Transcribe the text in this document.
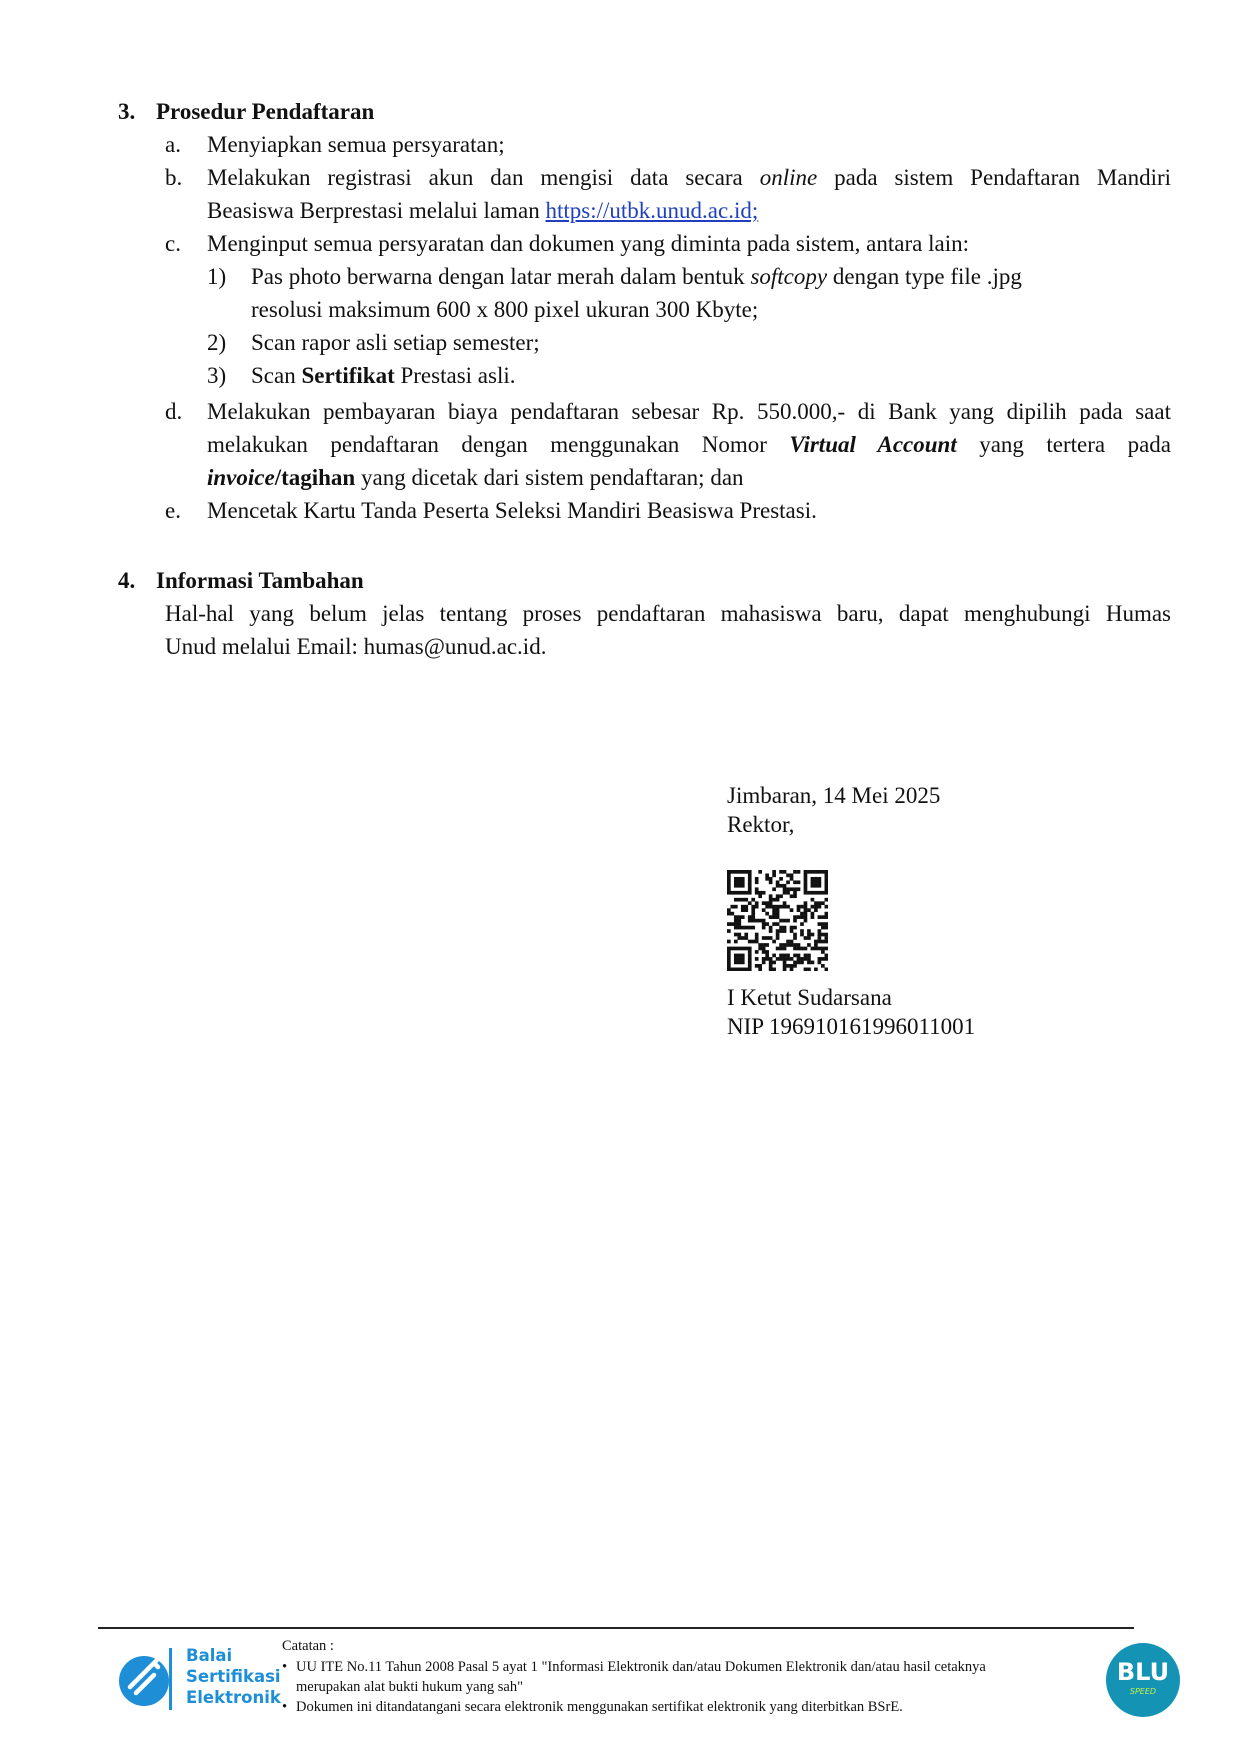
3. Prosedur Pendaftaran
a. Menyiapkan semua persyaratan;
b. Melakukan registrasi akun dan mengisi data secara online pada sistem Pendaftaran Mandiri
Beasiswa Berprestasi melalui laman https://utbk.unud.ac.id;
c. Menginput semua persyaratan dan dokumen yang diminta pada sistem, antara lain:
1) Pas photo berwarna dengan latar merah dalam bentuk softcopy dengan type file .jpg
resolusi maksimum 600 x 800 pixel ukuran 300 Kbyte;
2) Scan rapor asli setiap semester;
3) Scan Sertifikat Prestasi asli.
d. Melakukan pembayaran biaya pendaftaran sebesar Rp. 550.000,- di Bank yang dipilih pada saat
melakukan pendaftaran dengan menggunakan Nomor Virtual Account yang tertera pada
invoice/tagihan yang dicetak dari sistem pendaftaran; dan
e. Mencetak Kartu Tanda Peserta Seleksi Mandiri Beasiswa Prestasi.
4. Informasi Tambahan
Hal-hal yang belum jelas tentang proses pendaftaran mahasiswa baru, dapat menghubungi Humas
Unud melalui Email: humas@unud.ac.id.
Jimbaran, 14 Mei 2025
Rektor,
I Ketut Sudarsana
NIP 196910161996011001
Balai
Sertifikasi
Elektronik
Catatan :
• UU ITE No.11 Tahun 2008 Pasal 5 ayat 1 "Informasi Elektronik dan/atau Dokumen Elektronik dan/atau hasil cetaknya
merupakan alat bukti hukum yang sah"
• Dokumen ini ditandatangani secara elektronik menggunakan sertifikat elektronik yang diterbitkan BSrE.
BLU
SPEED
